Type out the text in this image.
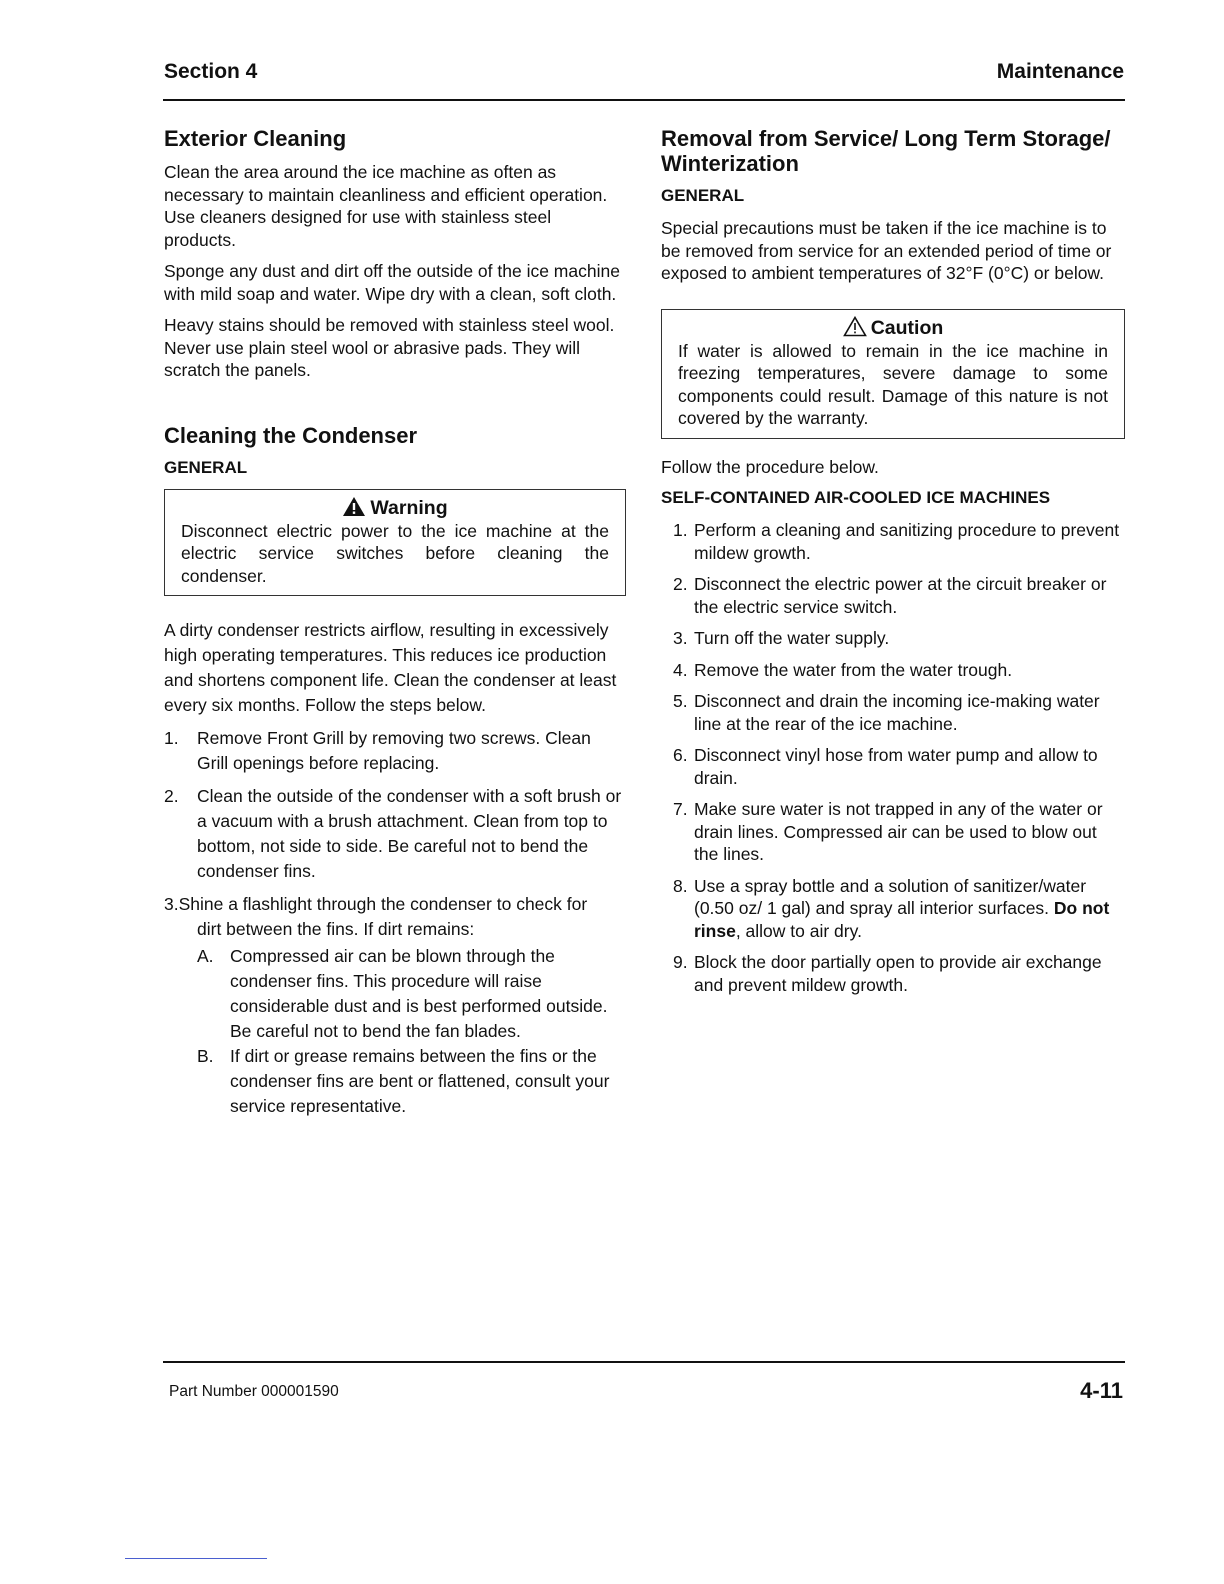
Section 4	Maintenance
Exterior Cleaning

Clean the area around the ice machine as often as necessary to maintain cleanliness and efficient operation. Use cleaners designed for use with stainless steel products.

Sponge any dust and dirt off the outside of the ice machine with mild soap and water. Wipe dry with a clean, soft cloth.

Heavy stains should be removed with stainless steel wool. Never use plain steel wool or abrasive pads. They will scratch the panels.

Cleaning the Condenser
GENERAL
Warning
Disconnect electric power to the ice machine at the electric service switches before cleaning the condenser.
A dirty condenser restricts airflow, resulting in excessively high operating temperatures. This reduces ice production and shortens component life. Clean the condenser at least every six months. Follow the steps below.
1.	Remove Front Grill by removing two screws. Clean Grill openings before replacing.
2.	Clean the outside of the condenser with a soft brush or a vacuum with a brush attachment. Clean from top to bottom, not side to side. Be careful not to bend the condenser fins.
3.Shine a flashlight through the condenser to check for
dirt between the fins. If dirt remains:
A. Compressed air can be blown through the condenser fins. This procedure will raise considerable dust and is best performed outside. Be careful not to bend the fan blades.
B. If dirt or grease remains between the fins or the condenser fins are bent or flattened, consult your service representative.
Removal from Service/ Long Term Storage/ Winterization
GENERAL

Special precautions must be taken if the ice machine is to be removed from service for an extended period of time or exposed to ambient temperatures of 32°F (0°C) or below.

Caution
If water is allowed to remain in the ice machine in freezing temperatures, severe damage to some components could result. Damage of this nature is not covered by the warranty.

Follow the procedure below.

SELF-CONTAINED AIR-COOLED ICE MACHINES
1. Perform a cleaning and sanitizing procedure to prevent mildew growth.
2. Disconnect the electric power at the circuit breaker or the electric service switch.
3. Turn off the water supply.
4. Remove the water from the water trough.
5. Disconnect and drain the incoming ice-making water line at the rear of the ice machine.
6. Disconnect vinyl hose from water pump and allow to drain.
7. Make sure water is not trapped in any of the water or drain lines. Compressed air can be used to blow out the lines.
8. Use a spray bottle and a solution of sanitizer/water (0.50 oz/ 1 gal) and spray all interior surfaces. Do not rinse, allow to air dry.
9. Block the door partially open to provide air exchange and prevent mildew growth.
Part Number 000001590	4-11
